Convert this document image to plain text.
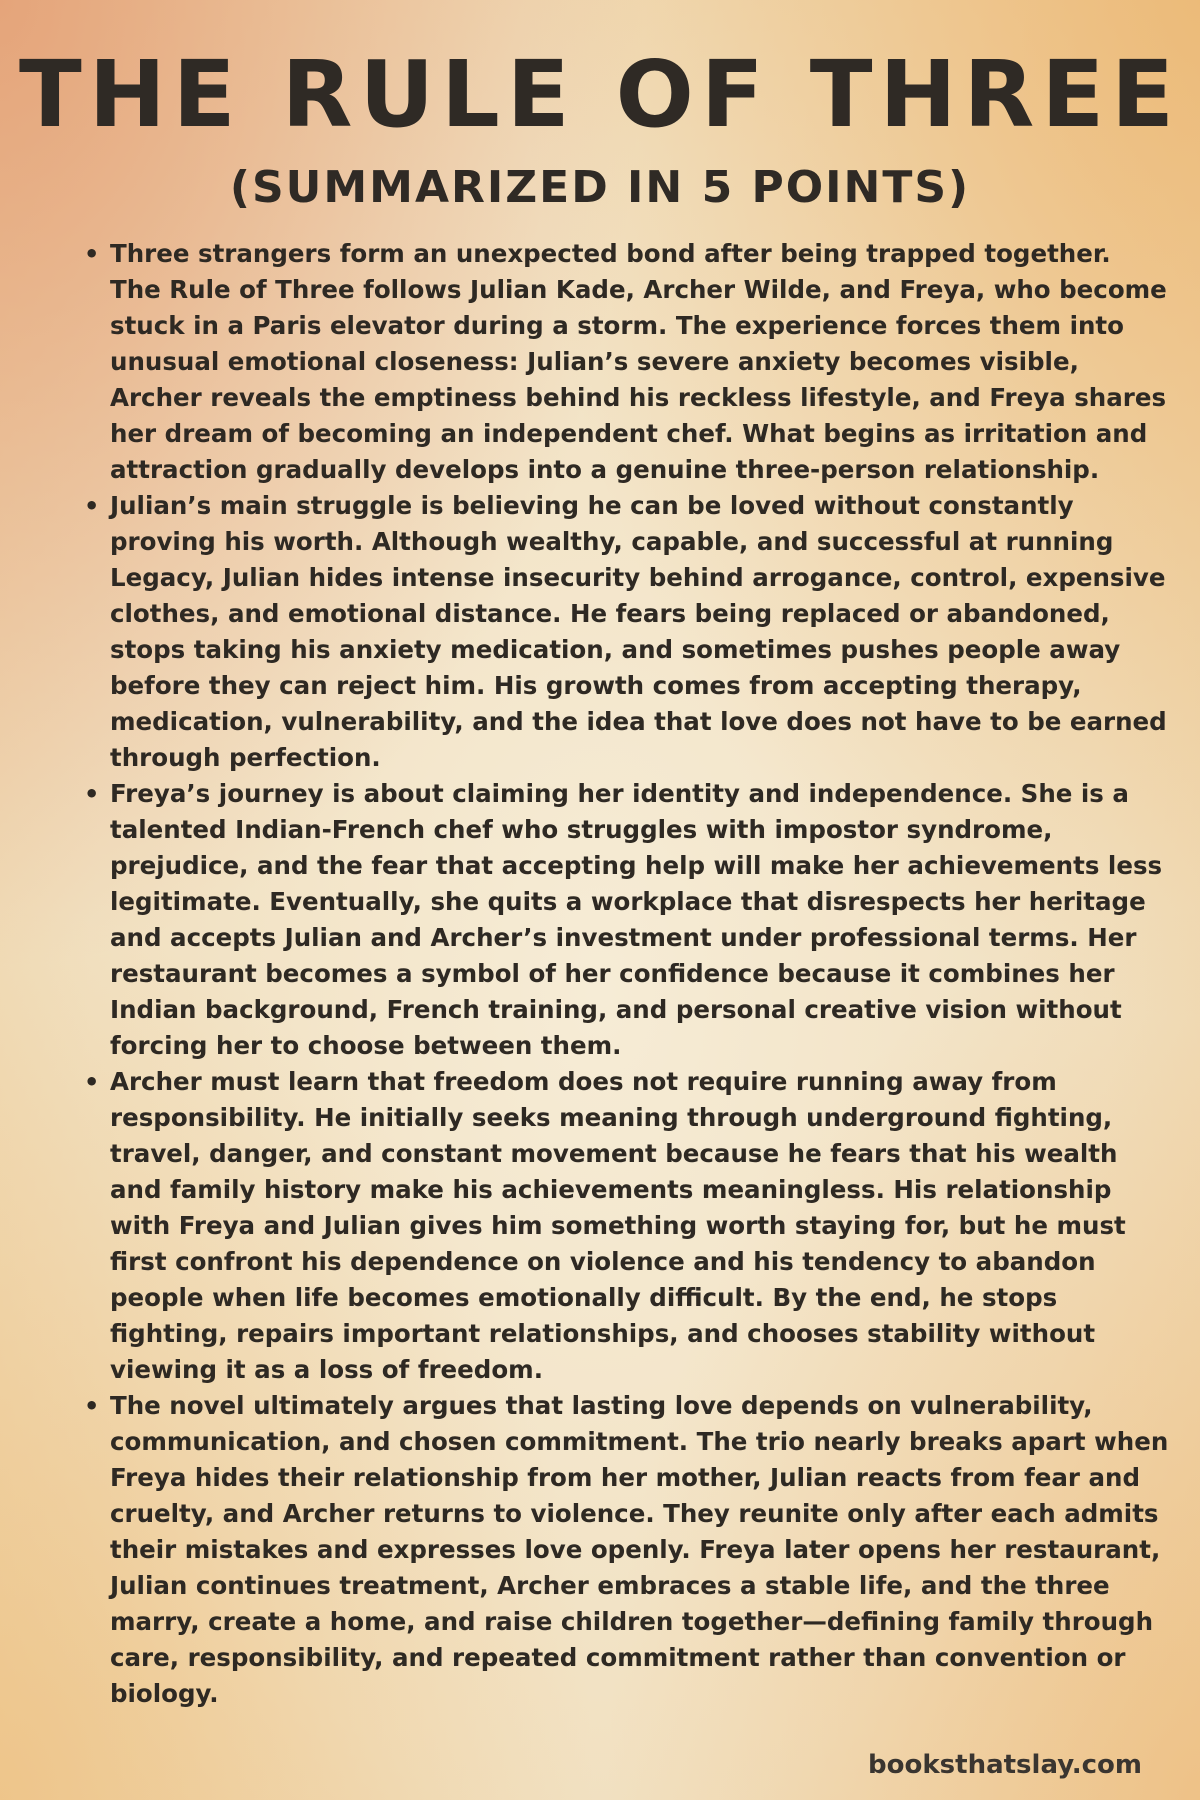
THE RULE OF THREE
(SUMMARIZED IN 5 POINTS)
• Three strangers form an unexpected bond after being trapped together. The Rule of Three follows Julian Kade, Archer Wilde, and Freya, who become stuck in a Paris elevator during a storm. The experience forces them into unusual emotional closeness: Julian’s severe anxiety becomes visible, Archer reveals the emptiness behind his reckless lifestyle, and Freya shares her dream of becoming an independent chef. What begins as irritation and attraction gradually develops into a genuine three-person relationship.
• Julian’s main struggle is believing he can be loved without constantly proving his worth. Although wealthy, capable, and successful at running Legacy, Julian hides intense insecurity behind arrogance, control, expensive clothes, and emotional distance. He fears being replaced or abandoned, stops taking his anxiety medication, and sometimes pushes people away before they can reject him. His growth comes from accepting therapy, medication, vulnerability, and the idea that love does not have to be earned through perfection.
• Freya’s journey is about claiming her identity and independence. She is a talented Indian-French chef who struggles with impostor syndrome, prejudice, and the fear that accepting help will make her achievements less legitimate. Eventually, she quits a workplace that disrespects her heritage and accepts Julian and Archer’s investment under professional terms. Her restaurant becomes a symbol of her confidence because it combines her Indian background, French training, and personal creative vision without forcing her to choose between them.
• Archer must learn that freedom does not require running away from responsibility. He initially seeks meaning through underground fighting, travel, danger, and constant movement because he fears that his wealth and family history make his achievements meaningless. His relationship with Freya and Julian gives him something worth staying for, but he must first confront his dependence on violence and his tendency to abandon people when life becomes emotionally difficult. By the end, he stops fighting, repairs important relationships, and chooses stability without viewing it as a loss of freedom.
• The novel ultimately argues that lasting love depends on vulnerability, communication, and chosen commitment. The trio nearly breaks apart when Freya hides their relationship from her mother, Julian reacts from fear and cruelty, and Archer returns to violence. They reunite only after each admits their mistakes and expresses love openly. Freya later opens her restaurant, Julian continues treatment, Archer embraces a stable life, and the three marry, create a home, and raise children together—defining family through care, responsibility, and repeated commitment rather than convention or biology.
booksthatslay.com
